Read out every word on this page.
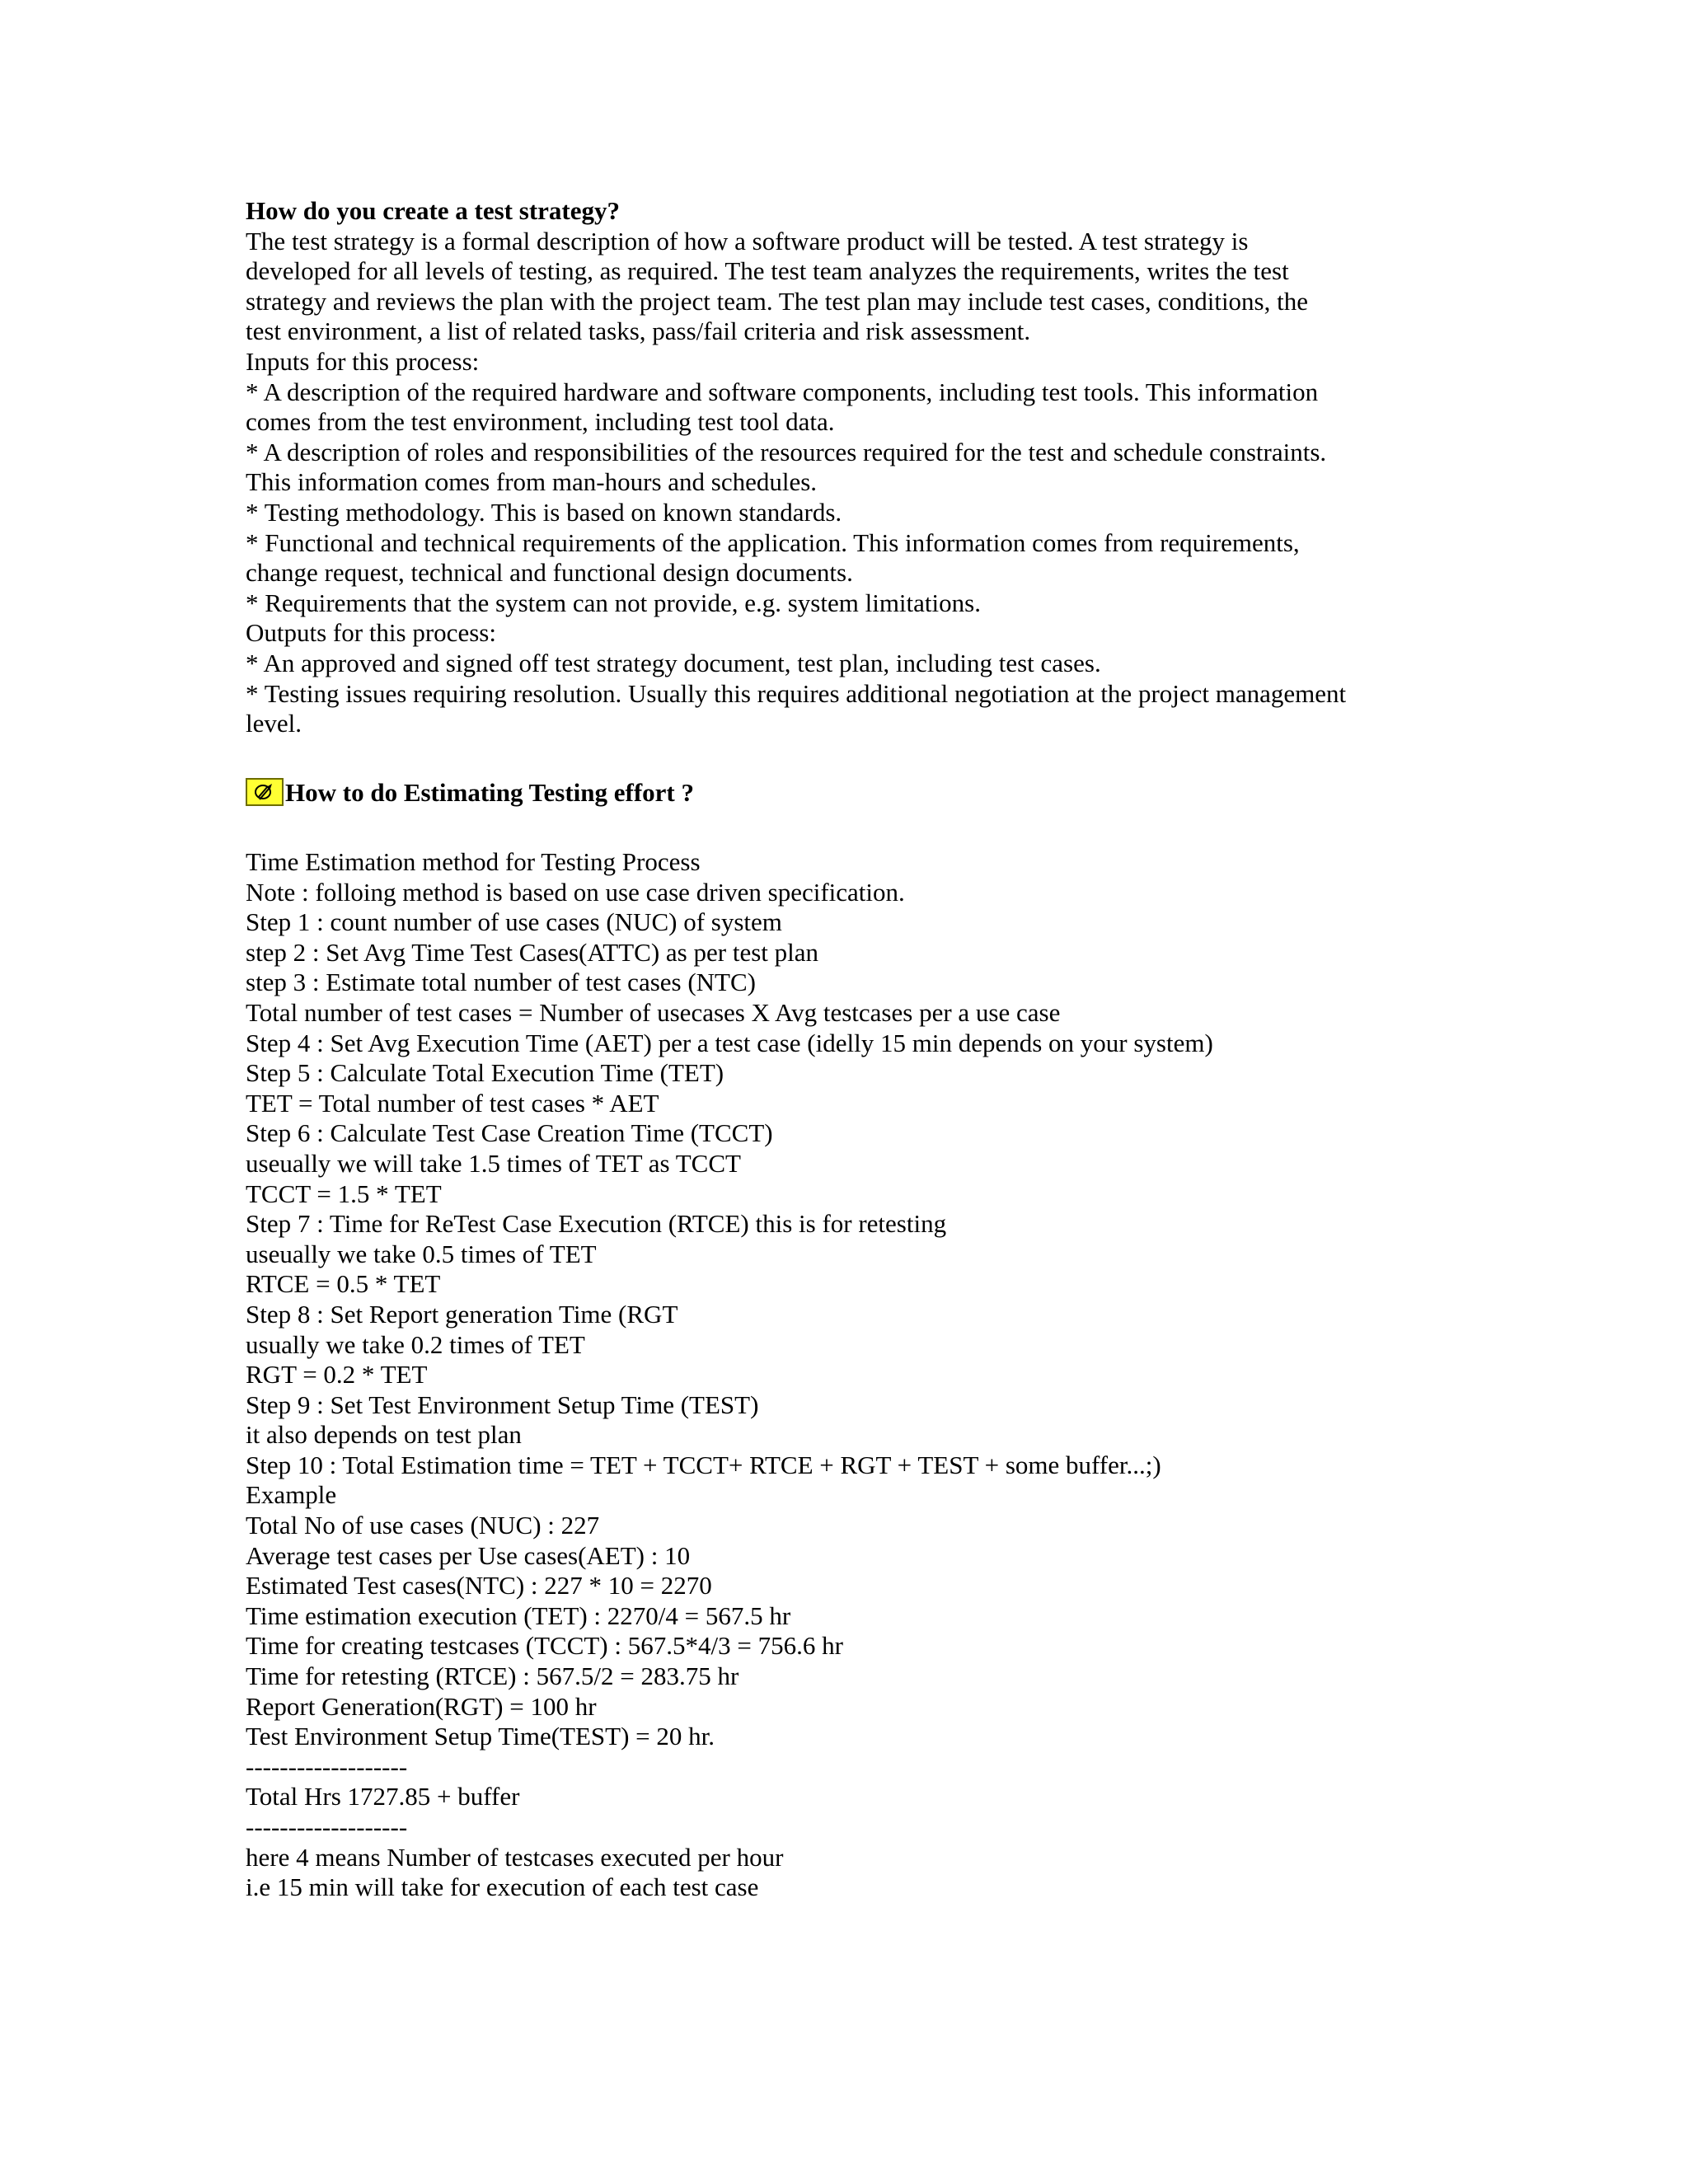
How do you create a test strategy?

The test strategy is a formal description of how a software product will be tested. A test strategy is

developed for all levels of testing, as required. The test team analyzes the requirements, writes the test

strategy and reviews the plan with the project team. The test plan may include test cases, conditions, the

test environment, a list of related tasks, pass/fail criteria and risk assessment.

Inputs for this process:

* A description of the required hardware and software components, including test tools. This information

comes from the test environment, including test tool data.

* A description of roles and responsibilities of the resources required for the test and schedule constraints.

This information comes from man-hours and schedules.

* Testing methodology. This is based on known standards.

* Functional and technical requirements of the application. This information comes from requirements,

change request, technical and functional design documents.

* Requirements that the system can not provide, e.g. system limitations.

Outputs for this process:

* An approved and signed off test strategy document, test plan, including test cases.

* Testing issues requiring resolution. Usually this requires additional negotiation at the project management

level.

How to do Estimating Testing effort ?

Time Estimation method for Testing Process

Note : folloing method is based on use case driven specification.

Step 1 : count number of use cases (NUC) of system

step 2 : Set Avg Time Test Cases(ATTC) as per test plan

step 3 : Estimate total number of test cases (NTC)

Total number of test cases = Number of usecases X Avg testcases per a use case

Step 4 : Set Avg Execution Time (AET) per a test case (idelly 15 min depends on your system)

Step 5 : Calculate Total Execution Time (TET)

TET = Total number of test cases * AET

Step 6 : Calculate Test Case Creation Time (TCCT)

useually we will take 1.5 times of TET as TCCT

TCCT = 1.5 * TET

Step 7 : Time for ReTest Case Execution (RTCE) this is for retesting

useually we take 0.5 times of TET

RTCE = 0.5 * TET

Step 8 : Set Report generation Time (RGT

usually we take 0.2 times of TET

RGT = 0.2 * TET

Step 9 : Set Test Environment Setup Time (TEST)

it also depends on test plan

Step 10 : Total Estimation time = TET + TCCT+ RTCE + RGT + TEST + some buffer...;)

Example

Total No of use cases (NUC) : 227

Average test cases per Use cases(AET) : 10

Estimated Test cases(NTC) : 227 * 10 = 2270

Time estimation execution (TET) : 2270/4 = 567.5 hr

Time for creating testcases (TCCT) : 567.5*4/3 = 756.6 hr

Time for retesting (RTCE) : 567.5/2 = 283.75 hr

Report Generation(RGT) = 100 hr

Test Environment Setup Time(TEST) = 20 hr.

-------------------

Total Hrs 1727.85 + buffer

-------------------

here 4 means Number of testcases executed per hour

i.e 15 min will take for execution of each test case
